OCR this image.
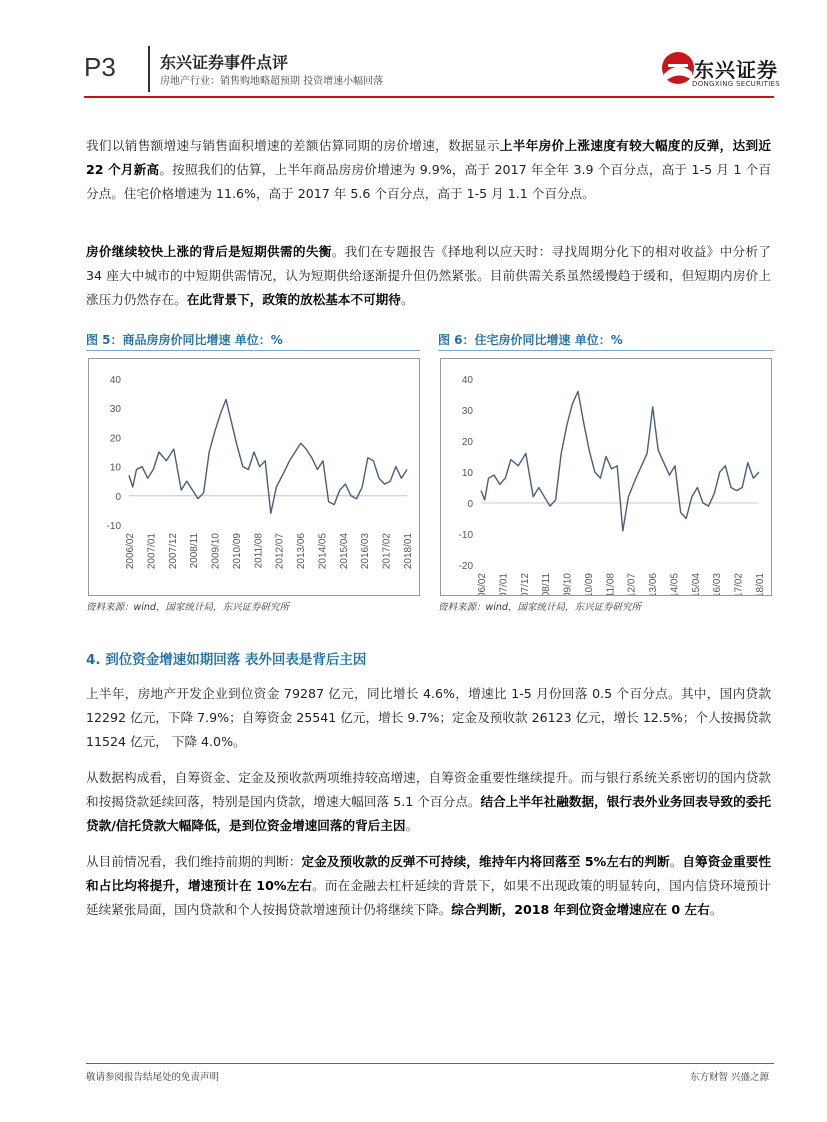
P3	东兴证券事件点评
房地产行业：销售购地略超预期 投资增速小幅回落	东兴证券
DONGXING SECURITIES
我们以销售额增速与销售面积增速的差额估算同期的房价增速，数据显示上半年房价上涨速度有较大幅度的反弹，达到近 22 个月新高。按照我们的估算，上半年商品房房价增速为 9.9%，高于 2017 年全年 3.9 个百分点，高于 1-5 月 1 个百分点。住宅价格增速为 11.6%，高于 2017 年 5.6 个百分点，高于 1-5 月 1.1 个百分点。
房价继续较快上涨的背后是短期供需的失衡。我们在专题报告《择地利以应天时：寻找周期分化下的相对收益》中分析了 34 座大中城市的中短期供需情况，认为短期供给逐渐提升但仍然紧张。目前供需关系虽然缓慢趋于缓和，但短期内房价上涨压力仍然存在。在此背景下，政策的放松基本不可期待。
图 5：商品房房价同比增速 单位：%
-10
0
10
20
30
40
2006/02 2007/01 2007/12 2008/11 2009/10 2010/09 2011/08 2012/07 2013/06 2014/05 2015/04 2016/03 2017/02 2018/01
资料来源：wind，国家统计局，东兴证券研究所
图 6：住宅房价同比增速 单位：%
-20
-10
0
10
20
30
40
2006/02 2007/01 2007/12 2008/11 2009/10 2010/09 2011/08 2012/07 2013/06 2014/05 2015/04 2016/03 2017/02 2018/01
资料来源：wind，国家统计局，东兴证券研究所
4. 到位资金增速如期回落 表外回表是背后主因
上半年，房地产开发企业到位资金 79287 亿元，同比增长 4.6%，增速比 1-5 月份回落 0.5 个百分点。其中，国内贷款 12292 亿元，下降 7.9%；自筹资金 25541 亿元，增长 9.7%；定金及预收款 26123 亿元，增长 12.5%；个人按揭贷款 11524 亿元， 下降 4.0%。
从数据构成看，自筹资金、定金及预收款两项维持较高增速，自筹资金重要性继续提升。而与银行系统关系密切的国内贷款和按揭贷款延续回落，特别是国内贷款，增速大幅回落 5.1 个百分点。结合上半年社融数据，银行表外业务回表导致的委托贷款/信托贷款大幅降低，是到位资金增速回落的背后主因。
从目前情况看，我们维持前期的判断：定金及预收款的反弹不可持续，维持年内将回落至 5%左右的判断。自筹资金重要性和占比均将提升，增速预计在 10%左右。而在金融去杠杆延续的背景下，如果不出现政策的明显转向，国内信贷环境预计延续紧张局面，国内贷款和个人按揭贷款增速预计仍将继续下降。综合判断，2018 年到位资金增速应在 0 左右。
敬请参阅报告结尾处的免责声明	东方财智 兴盛之源
